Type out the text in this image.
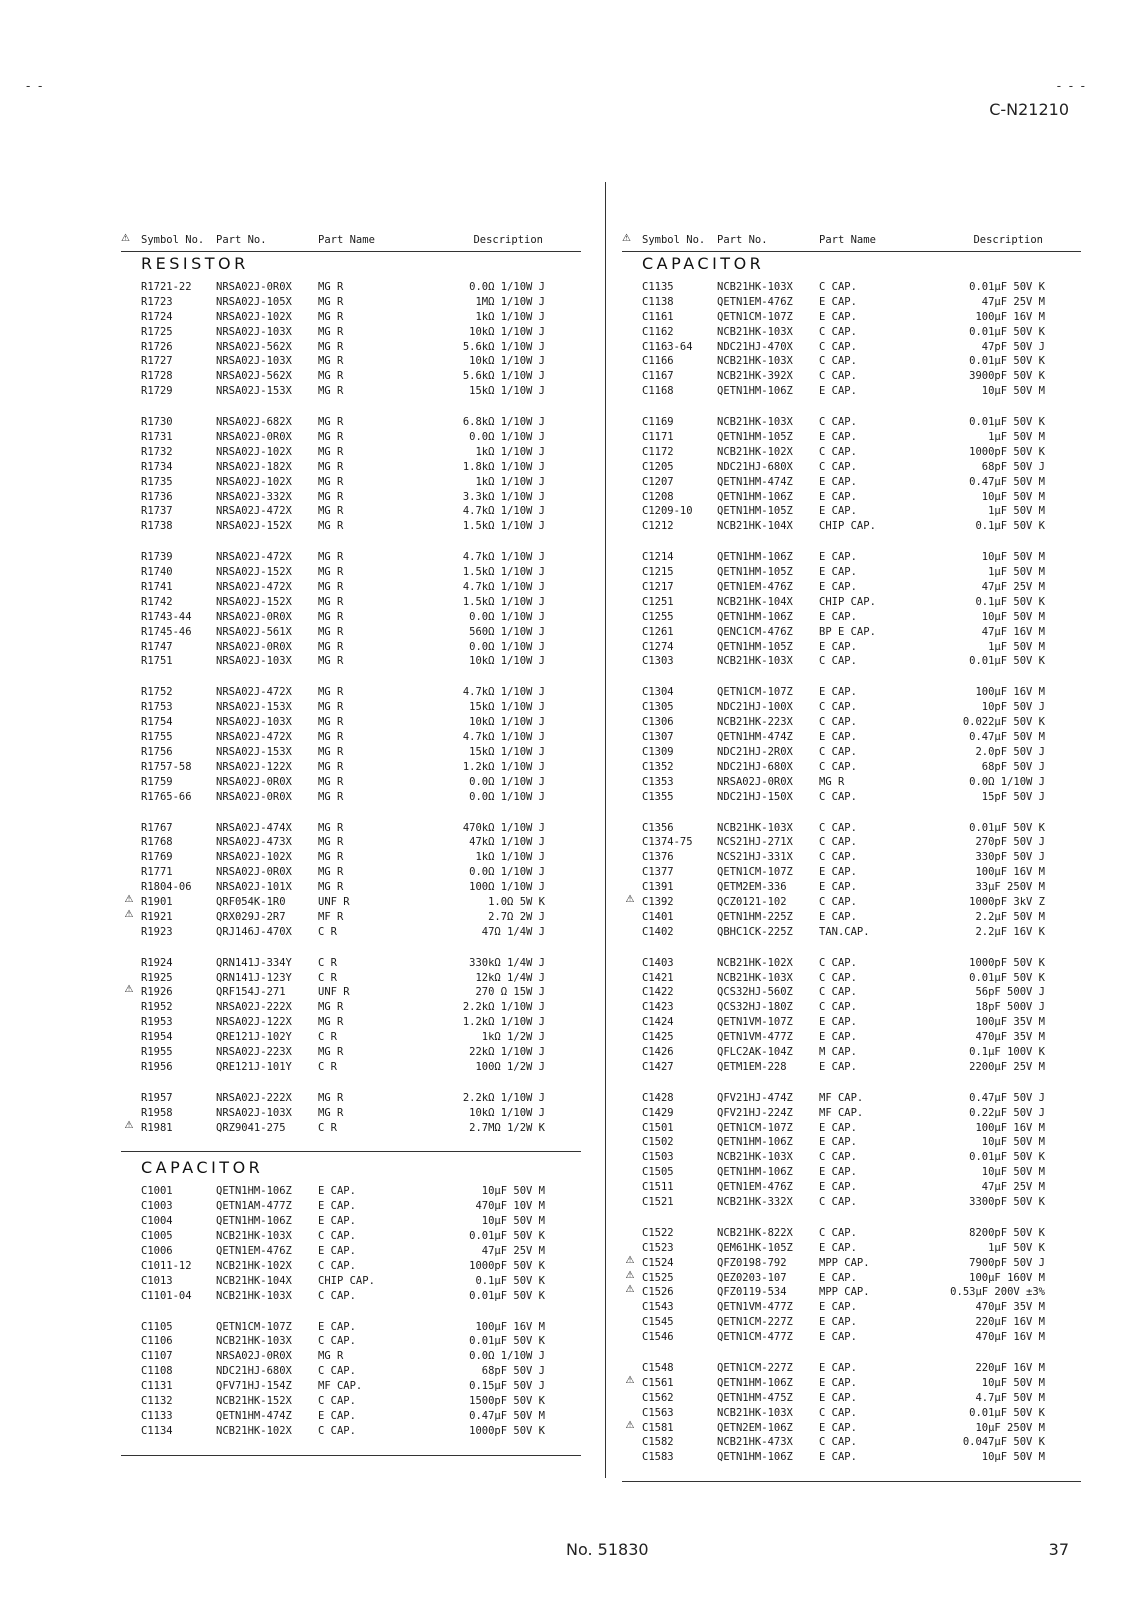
- -	- - -
C-N21210
⚠ Symbol No. Part No.	Part Name	Description
RESISTOR
R1721-22 NRSA02J-0R0X MG R	0.0Ω 1/10W J
R1723	NRSA02J-105X MG R	1MΩ 1/10W J
R1724	NRSA02J-102X MG R	1kΩ 1/10W J
R1725	NRSA02J-103X MG R	10kΩ 1/10W J
R1726	NRSA02J-562X MG R	5.6kΩ 1/10W J
R1727	NRSA02J-103X MG R	10kΩ 1/10W J
R1728	NRSA02J-562X MG R	5.6kΩ 1/10W J
R1729	NRSA02J-153X MG R	15kΩ 1/10W J
R1730	NRSA02J-682X MG R	6.8kΩ 1/10W J
R1731	NRSA02J-0R0X MG R	0.0Ω 1/10W J
R1732	NRSA02J-102X MG R	1kΩ 1/10W J
R1734	NRSA02J-182X MG R	1.8kΩ 1/10W J
R1735	NRSA02J-102X MG R	1kΩ 1/10W J
R1736	NRSA02J-332X MG R	3.3kΩ 1/10W J
R1737	NRSA02J-472X MG R	4.7kΩ 1/10W J
R1738	NRSA02J-152X MG R	1.5kΩ 1/10W J
R1739	NRSA02J-472X MG R	4.7kΩ 1/10W J
R1740	NRSA02J-152X MG R	1.5kΩ 1/10W J
R1741	NRSA02J-472X MG R	4.7kΩ 1/10W J
R1742	NRSA02J-152X MG R	1.5kΩ 1/10W J
R1743-44 NRSA02J-0R0X MG R	0.0Ω 1/10W J
R1745-46 NRSA02J-561X MG R	560Ω 1/10W J
R1747	NRSA02J-0R0X MG R	0.0Ω 1/10W J
R1751	NRSA02J-103X MG R	10kΩ 1/10W J
R1752	NRSA02J-472X MG R	4.7kΩ 1/10W J
R1753	NRSA02J-153X MG R	15kΩ 1/10W J
R1754	NRSA02J-103X MG R	10kΩ 1/10W J
R1755	NRSA02J-472X MG R	4.7kΩ 1/10W J
R1756	NRSA02J-153X MG R	15kΩ 1/10W J
R1757-58 NRSA02J-122X MG R	1.2kΩ 1/10W J
R1759	NRSA02J-0R0X MG R	0.0Ω 1/10W J
R1765-66 NRSA02J-0R0X MG R	0.0Ω 1/10W J
R1767	NRSA02J-474X MG R	470kΩ 1/10W J
R1768	NRSA02J-473X MG R	47kΩ 1/10W J
R1769	NRSA02J-102X MG R	1kΩ 1/10W J
R1771	NRSA02J-0R0X MG R	0.0Ω 1/10W J
R1804-06 NRSA02J-101X MG R	100Ω 1/10W J
⚠ R1901	QRF054K-1R0	UNF R	1.0Ω 5W K
⚠ R1921	QRX029J-2R7	MF R	2.7Ω 2W J
R1923	QRJ146J-470X C R	47Ω 1/4W J
R1924	QRN141J-334Y C R	330kΩ 1/4W J
R1925	QRN141J-123Y C R	12kΩ 1/4W J
⚠ R1926	QRF154J-271	UNF R	270 Ω 15W J
R1952	NRSA02J-222X MG R	2.2kΩ 1/10W J
R1953	NRSA02J-122X MG R	1.2kΩ 1/10W J
R1954	QRE121J-102Y C R	1kΩ 1/2W J
R1955	NRSA02J-223X MG R	22kΩ 1/10W J
R1956	QRE121J-101Y C R	100Ω 1/2W J
R1957	NRSA02J-222X MG R	2.2kΩ 1/10W J
R1958	NRSA02J-103X MG R	10kΩ 1/10W J
⚠ R1981	QRZ9041-275	C R	2.7MΩ 1/2W K
CAPACITOR
C1001	QETN1HM-106Z E CAP.	10μF 50V M
C1003	QETN1AM-477Z E CAP.	470μF 10V M
C1004	QETN1HM-106Z E CAP.	10μF 50V M
C1005	NCB21HK-103X C CAP.	0.01μF 50V K
C1006	QETN1EM-476Z E CAP.	47μF 25V M
C1011-12 NCB21HK-102X C CAP.	1000pF 50V K
C1013	NCB21HK-104X CHIP CAP.	0.1μF 50V K
C1101-04 NCB21HK-103X C CAP.	0.01μF 50V K
C1105	QETN1CM-107Z E CAP.	100μF 16V M
C1106	NCB21HK-103X C CAP.	0.01μF 50V K
C1107	NRSA02J-0R0X MG R	0.0Ω 1/10W J
C1108	NDC21HJ-680X C CAP.	68pF 50V J
C1131	QFV71HJ-154Z MF CAP.	0.15μF 50V J
C1132	NCB21HK-152X C CAP.	1500pF 50V K
C1133	QETN1HM-474Z E CAP.	0.47μF 50V M
C1134	NCB21HK-102X C CAP.	1000pF 50V K
⚠ Symbol No. Part No.	Part Name	Description
CAPACITOR
C1135	NCB21HK-103X C CAP.	0.01μF 50V K
C1138	QETN1EM-476Z E CAP.	47μF 25V M
C1161	QETN1CM-107Z E CAP.	100μF 16V M
C1162	NCB21HK-103X C CAP.	0.01μF 50V K
C1163-64 NDC21HJ-470X C CAP.	47pF 50V J
C1166	NCB21HK-103X C CAP.	0.01μF 50V K
C1167	NCB21HK-392X C CAP.	3900pF 50V K
C1168	QETN1HM-106Z E CAP.	10μF 50V M
C1169	NCB21HK-103X C CAP.	0.01μF 50V K
C1171	QETN1HM-105Z E CAP.	1μF 50V M
C1172	NCB21HK-102X C CAP.	1000pF 50V K
C1205	NDC21HJ-680X C CAP.	68pF 50V J
C1207	QETN1HM-474Z E CAP.	0.47μF 50V M
C1208	QETN1HM-106Z E CAP.	10μF 50V M
C1209-10 QETN1HM-105Z E CAP.	1μF 50V M
C1212	NCB21HK-104X CHIP CAP.	0.1μF 50V K
C1214	QETN1HM-106Z E CAP.	10μF 50V M
C1215	QETN1HM-105Z E CAP.	1μF 50V M
C1217	QETN1EM-476Z E CAP.	47μF 25V M
C1251	NCB21HK-104X CHIP CAP.	0.1μF 50V K
C1255	QETN1HM-106Z E CAP.	10μF 50V M
C1261	QENC1CM-476Z BP E CAP.	47μF 16V M
C1274	QETN1HM-105Z E CAP.	1μF 50V M
C1303	NCB21HK-103X C CAP.	0.01μF 50V K
C1304	QETN1CM-107Z E CAP.	100μF 16V M
C1305	NDC21HJ-100X C CAP.	10pF 50V J
C1306	NCB21HK-223X C CAP.	0.022μF 50V K
C1307	QETN1HM-474Z E CAP.	0.47μF 50V M
C1309	NDC21HJ-2R0X C CAP.	2.0pF 50V J
C1352	NDC21HJ-680X C CAP.	68pF 50V J
C1353	NRSA02J-0R0X MG R	0.0Ω 1/10W J
C1355	NDC21HJ-150X C CAP.	15pF 50V J
C1356	NCB21HK-103X C CAP.	0.01μF 50V K
C1374-75 NCS21HJ-271X C CAP.	270pF 50V J
C1376	NCS21HJ-331X C CAP.	330pF 50V J
C1377	QETN1CM-107Z E CAP.	100μF 16V M
C1391	QETM2EM-336	E CAP.	33μF 250V M
⚠ C1392	QCZ0121-102	C CAP.	1000pF 3kV Z
C1401	QETN1HM-225Z E CAP.	2.2μF 50V M
C1402	QBHC1CK-225Z TAN.CAP.	2.2μF 16V K
C1403	NCB21HK-102X C CAP.	1000pF 50V K
C1421	NCB21HK-103X C CAP.	0.01μF 50V K
C1422	QCS32HJ-560Z C CAP.	56pF 500V J
C1423	QCS32HJ-180Z C CAP.	18pF 500V J
C1424	QETN1VM-107Z E CAP.	100μF 35V M
C1425	QETN1VM-477Z E CAP.	470μF 35V M
C1426	QFLC2AK-104Z M CAP.	0.1μF 100V K
C1427	QETM1EM-228	E CAP.	2200μF 25V M
C1428	QFV21HJ-474Z MF CAP.	0.47μF 50V J
C1429	QFV21HJ-224Z MF CAP.	0.22μF 50V J
C1501	QETN1CM-107Z E CAP.	100μF 16V M
C1502	QETN1HM-106Z E CAP.	10μF 50V M
C1503	NCB21HK-103X C CAP.	0.01μF 50V K
C1505	QETN1HM-106Z E CAP.	10μF 50V M
C1511	QETN1EM-476Z E CAP.	47μF 25V M
C1521	NCB21HK-332X C CAP.	3300pF 50V K
C1522	NCB21HK-822X C CAP.	8200pF 50V K
C1523	QEM61HK-105Z E CAP.	1μF 50V K
⚠ C1524	QFZ0198-792	MPP CAP.	7900pF 50V J
⚠ C1525	QEZ0203-107	E CAP.	100μF 160V M
⚠ C1526	QFZ0119-534	MPP CAP.	0.53μF 200V ±3%
C1543	QETN1VM-477Z E CAP.	470μF 35V M
C1545	QETN1CM-227Z E CAP.	220μF 16V M
C1546	QETN1CM-477Z E CAP.	470μF 16V M
C1548	QETN1CM-227Z E CAP.	220μF 16V M
⚠ C1561	QETN1HM-106Z E CAP.	10μF 50V M
C1562	QETN1HM-475Z E CAP.	4.7μF 50V M
C1563	NCB21HK-103X C CAP.	0.01μF 50V K
⚠ C1581	QETN2EM-106Z E CAP.	10μF 250V M
C1582	NCB21HK-473X C CAP.	0.047μF 50V K
C1583	QETN1HM-106Z E CAP.	10μF 50V M
No. 51830	37
